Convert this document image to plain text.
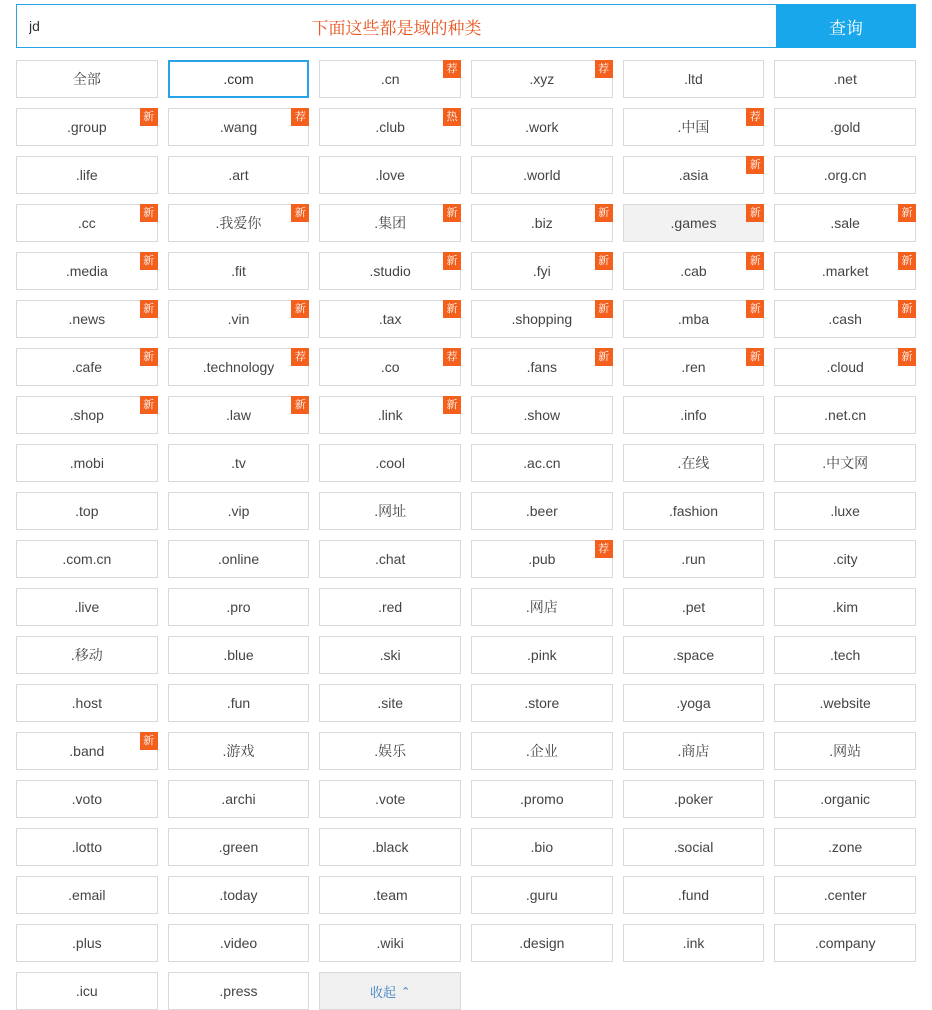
jd
下面这些都是域的种类	查询
全部	.com	.cn
荐
.xyz
荐
.ltd	.net
.group
新
.wang
荐
.club
热
.work	.中国
荐
.gold
.life	.art	.love	.world	.asia
新
.org.cn
.cc
新
.我爱你
新
.集团
新
.biz
新
.games
新
.sale
新
.media
新
.fit	.studio
新
.fyi
新
.cab
新
.market
新
.news
新
.vin
新
.tax
新
.shopping
新
.mba
新
.cash
新
.cafe
新
.technology
荐
.co
荐
.fans
新
.ren
新
.cloud
新
.shop
新
.law
新
.link
新
.show	.info	.net.cn
.mobi	.tv	.cool	.ac.cn	.在线	.中文网
.top	.vip	.网址	.beer	.fashion	.luxe
.com.cn	.online	.chat	.pub
荐
.run	.city
.live	.pro	.red	.网店	.pet	.kim
.移动	.blue	.ski	.pink	.space	.tech
.host	.fun	.site	.store	.yoga	.website
.band
新
.游戏	.娱乐	.企业	.商店	.网站
.voto	.archi	.vote	.promo	.poker	.organic
.lotto	.green	.black	.bio	.social	.zone
.email	.today	.team	.guru	.fund	.center
.plus	.video	.wiki	.design	.ink	.company
.icu	.press	收起 ⌃
